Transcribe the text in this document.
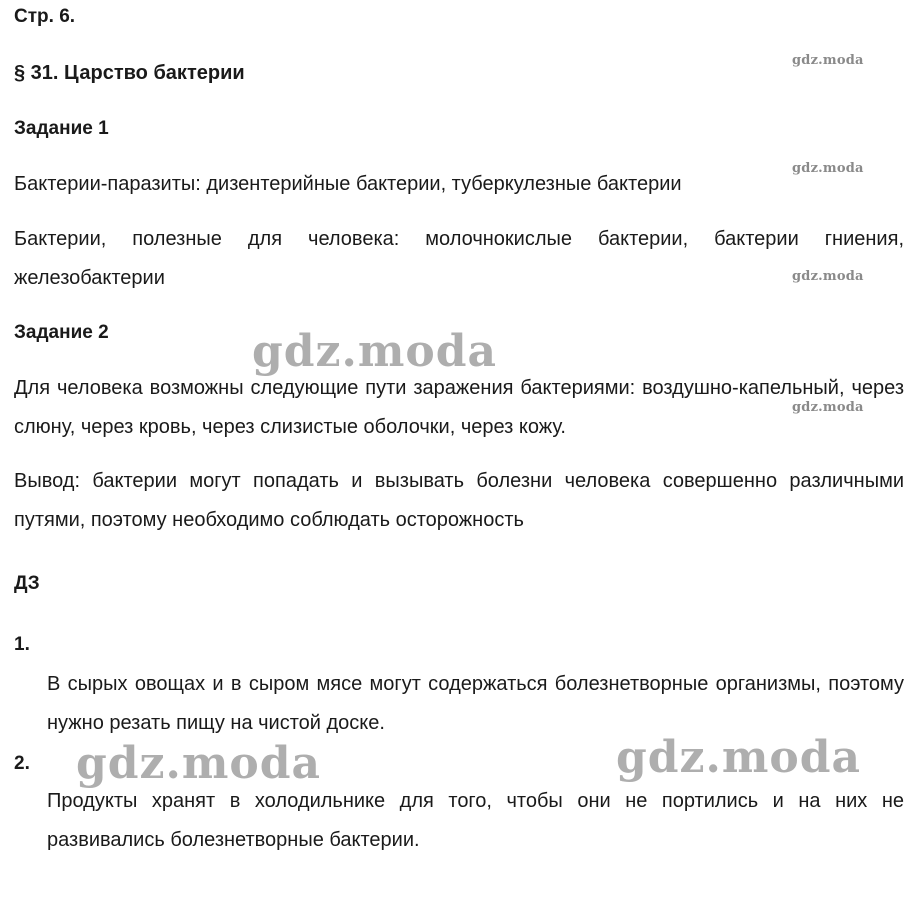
Стр. 6.
§ 31. Царство бактерии
Задание 1
Бактерии-паразиты: дизентерийные бактерии, туберкулезные бактерии
Бактерии, полезные для человека: молочнокислые бактерии, бактерии гниения, железобактерии
Задание 2
Для человека возможны следующие пути заражения бактериями: воздушно-капельный, через слюну, через кровь, через слизистые оболочки, через кожу.
Вывод: бактерии могут попадать и вызывать болезни человека совершенно различными путями, поэтому необходимо соблюдать осторожность
ДЗ
1.
В сырых овощах и в сыром мясе могут содержаться болезнетворные организмы, поэтому нужно резать пищу на чистой доске.
2.
Продукты хранят в холодильнике для того, чтобы они не портились и на них не развивались болезнетворные бактерии.
gdz.moda
gdz.moda
gdz.moda
gdz.moda
gdz.moda
gdz.moda	gdz.moda
